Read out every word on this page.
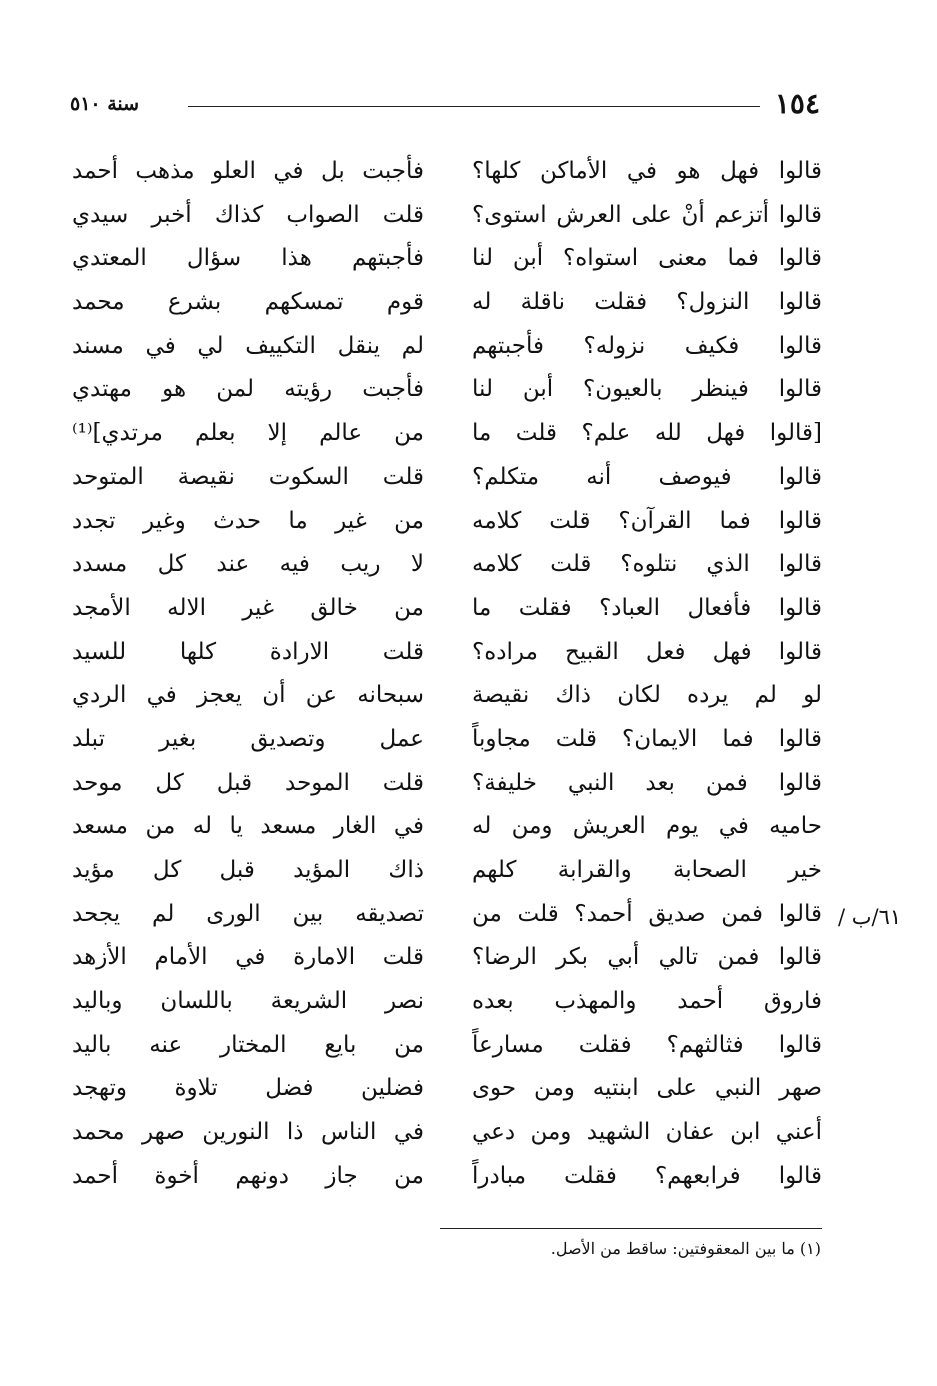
١٥٤
سنة ٥١٠
قالوا فهل هو في الأماكن كلها؟
قالوا أتزعم أنْ على العرش استوى؟
قالوا فما معنى استواه؟ أبن لنا
قالوا النزول؟ فقلت ناقلة له
قالوا فكيف نزوله؟ فأجبتهم
قالوا فينظر بالعيون؟ أبن لنا
[قالوا فهل لله علم؟ قلت ما
قالوا فيوصف أنه متكلم؟
قالوا فما القرآن؟ قلت كلامه
قالوا الذي نتلوه؟ قلت كلامه
قالوا فأفعال العباد؟ فقلت ما
قالوا فهل فعل القبيح مراده؟
لو لم يرده لكان ذاك نقيصة
قالوا فما الايمان؟ قلت مجاوباً
قالوا فمن بعد النبي خليفة؟
حاميه في يوم العريش ومن له
خير الصحابة والقرابة كلهم
قالوا فمن صديق أحمد؟ قلت من
قالوا فمن تالي أبي بكر الرضا؟
فاروق أحمد والمهذب بعده
قالوا فثالثهم؟ فقلت مسارعاً
صهر النبي على ابنتيه ومن حوى
أعني ابن عفان الشهيد ومن دعي
قالوا فرابعهم؟ فقلت مبادراً
فأجبت بل في العلو مذهب أحمد
قلت الصواب كذاك أخبر سيدي
فأجبتهم هذا سؤال المعتدي
قوم تمسكهم بشرع محمد
لم ينقل التكييف لي في مسند
فأجبت رؤيته لمن هو مهتدي
من عالم إلا بعلم مرتدي]⁽¹⁾
قلت السكوت نقيصة المتوحد
من غير ما حدث وغير تجدد
لا ريب فيه عند كل مسدد
من خالق غير الاله الأمجد
قلت الارادة كلها للسيد
سبحانه عن أن يعجز في الردي
عمل وتصديق بغير تبلد
قلت الموحد قبل كل موحد
في الغار مسعد يا له من مسعد
ذاك المؤيد قبل كل مؤيد
تصديقه بين الورى لم يجحد
قلت الامارة في الأمام الأزهد
نصر الشريعة باللسان وباليد
من بايع المختار عنه باليد
فضلين فضل تلاوة وتهجد
في الناس ذا النورين صهر محمد
من جاز دونهم أخوة أحمد
٦١/ب /
(١) ما بين المعقوفتين: ساقط من الأصل.
